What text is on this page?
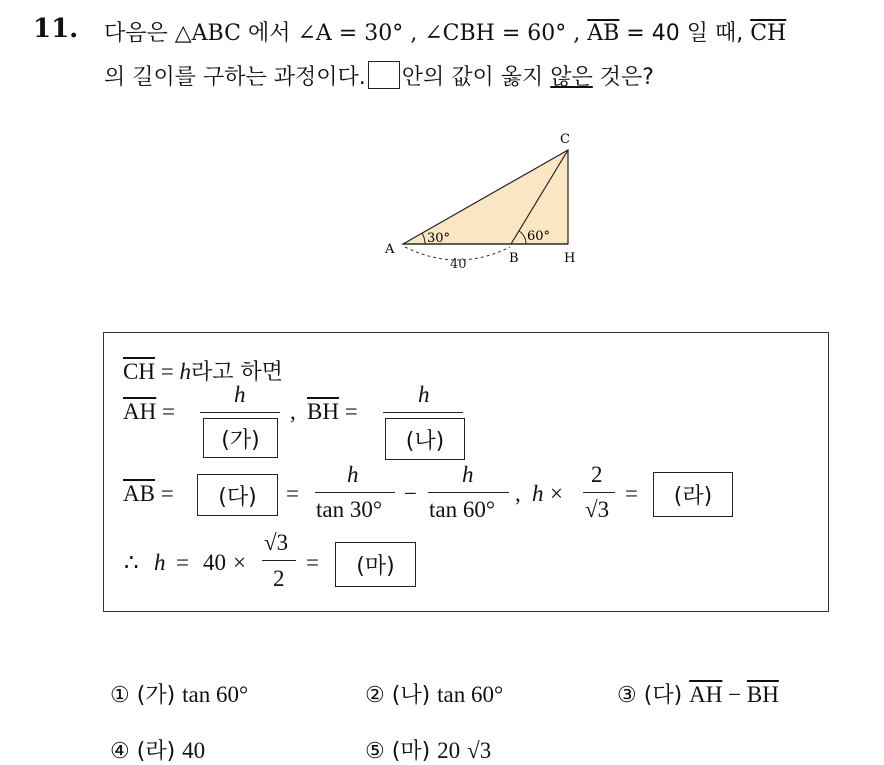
11. 다음은 △ABC 에서 ∠A = 30° , ∠CBH = 60° , $\overline{AB} = 40$ 일 때, $\overline{CH}$
의 길이를 구하는 과정이다. 안의 값이 옳지 않은 것은?
C
A
B	H
30°	60°
40
$\overline{CH} = h$라고 하면
$\overline{AH}$ =
h
(가)
, $\overline{BH}$ =
h
(나)
$\overline{AB}$ =	(다)	=
h
tan 30°
−
h
tan 60°
, h ×
2
√3
=	(라)
∴ h = 40 ×
√3
2
=	(마)
① (가) tan 60°	② (나) tan 60°	③ (다) $\overline{AH} - \overline{BH}$
④ (라) 40	⑤ (마) 20 √3
